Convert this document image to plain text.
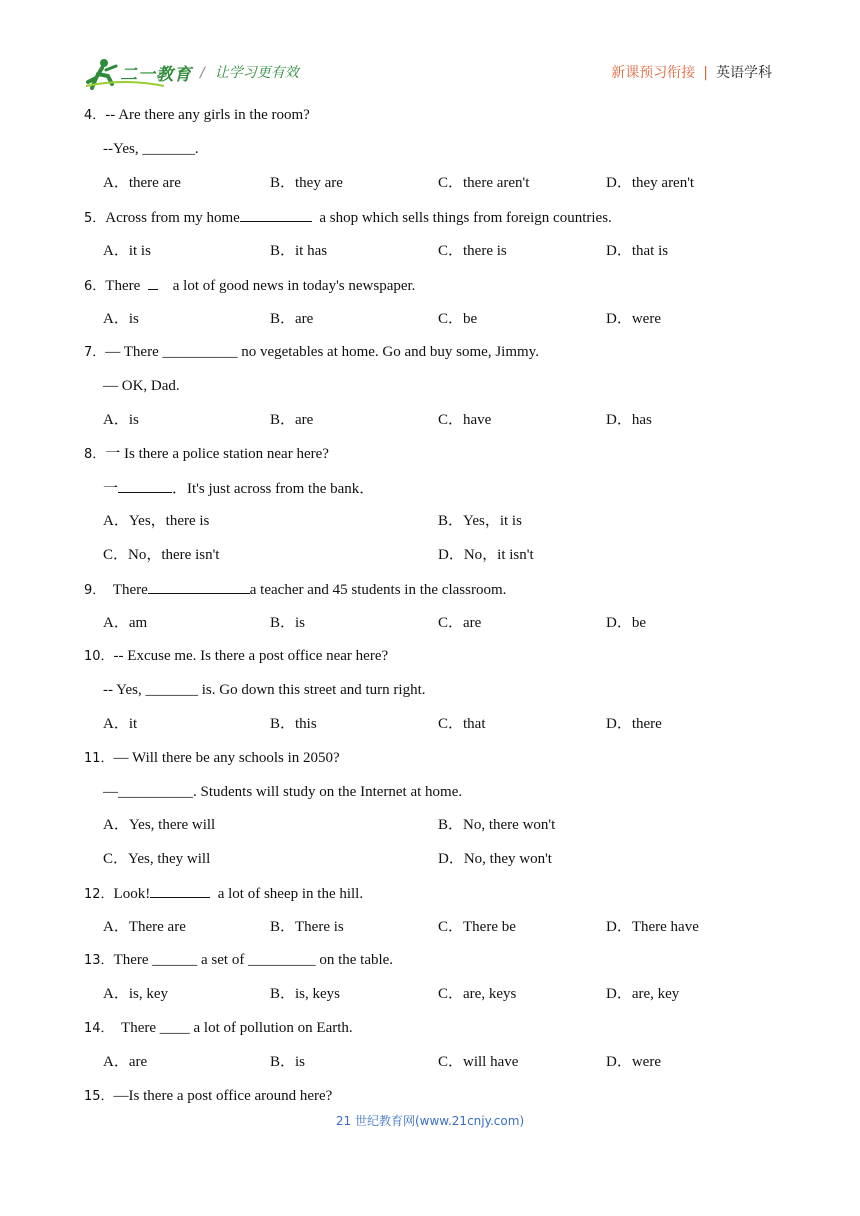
二一教育 / 让学习更有效	新课预习衔接 | 英语学科
4．-- Are there any girls in the room?
--Yes, _______.
A．there are	B．they are	C．there aren't	D．they aren't
5．Across from my home	a shop which sells things from foreign countries.
A．it is	B．it has	C．there is	D．that is
6．There a lot of good news in today's newspaper.
A．is	B．are	C．be	D．were
7．— There __________ no vegetables at home. Go and buy some, Jimmy.
— OK, Dad.
A．is	B．are	C．have	D．has
8．一 Is there a police station near here?
一	．It's just across from the bank．
A．Yes，there is	B．Yes，it is
C．No，there isn't	D．No，it isn't
9． There	a teacher and 45 students in the classroom.
A．am	B．is	C．are	D．be
10．-- Excuse me. Is there a post office near here?
-- Yes, _______ is. Go down this street and turn right.
A．it	B．this	C．that	D．there
11．— Will there be any schools in 2050?
—__________. Students will study on the Internet at home.
A．Yes, there will	B．No, there won't
C．Yes, they will	D．No, they won't
12．Look!	a lot of sheep in the hill.
A．There are	B．There is	C．There be	D．There have
13．There ______ a set of _________ on the table.
A．is, key	B．is, keys	C．are, keys	D．are, key
14． There ____ a lot of pollution on Earth.
A．are	B．is	C．will have	D．were
15．—Is there a post office around here?
21 世纪教育网(www.21cnjy.com)
